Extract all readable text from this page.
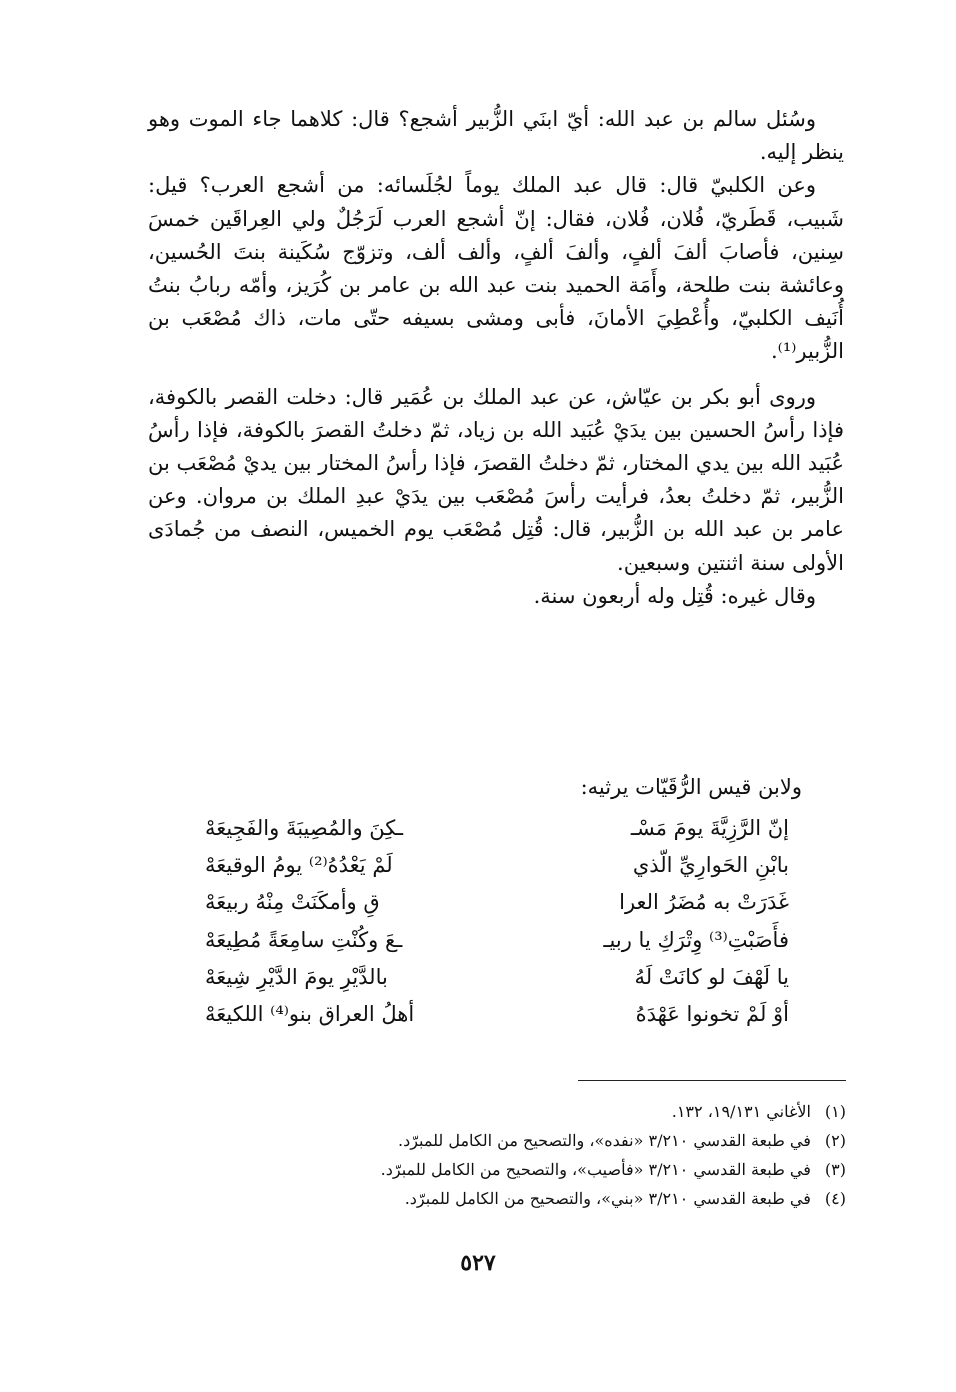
وسُئل سالم بن عبد الله: أيّ ابنَي الزُّبير أشجع؟ قال: كلاهما جاء الموت وهو ينظر إليه.

وعن الكلبيّ قال: قال عبد الملك يوماً لجُلَسائه: من أشجع العرب؟ قيل: شَبيب، قَطَريّ، فُلان، فُلان، فقال: إنّ أشجع العرب لَرَجُلٌ ولي العِراقَين خمسَ سِنين، فأصابَ ألفَ ألفٍ، وألفَ ألفٍ، وألف ألف، وتزوّج سُكَينة بنتَ الحُسين، وعائشة بنت طلحة، وأَمَة الحميد بنت عبد الله بن عامر بن كُرَيز، وأمّه ربابُ بنتُ أُنَيف الكلبيّ، وأُعْطِيَ الأمانَ، فأبى ومشى بسيفه حتّى مات، ذاك مُصْعَب بن الزُّبير⁽¹⁾.

وروى أبو بكر بن عيّاش، عن عبد الملك بن عُمَير قال: دخلت القصر بالكوفة، فإذا رأسُ الحسين بين يدَيْ عُبَيد الله بن زياد، ثمّ دخلتُ القصرَ بالكوفة، فإذا رأسُ عُبَيد الله بين يدي المختار، ثمّ دخلتُ القصرَ، فإذا رأسُ المختار بين يديْ مُصْعَب بن الزُّبير، ثمّ دخلتُ بعدُ، فرأيت رأسَ مُصْعَب بين يدَيْ عبدِ الملك بن مروان. وعن عامر بن عبد الله بن الزُّبير، قال: قُتِل مُصْعَب يوم الخميس، النصف من جُمادَى الأولى سنة اثنتين وسبعين.

وقال غيره: قُتِل وله أربعون سنة.

ولابن قيس الرُّقَيّات يرثيه:
إنّ الرَّزِيَّةَ يومَ مَسْـ
ـكِنَ والمُصِيبَةَ والفَجِيعَهْ
بابْنِ الحَوارِيِّ الّذي
لَمْ يَعْدُهُ⁽²⁾ يومُ الوقيعَهْ
غَدَرَتْ به مُضَرُ العرا
قِ وأمكَنَتْ مِنْهُ ربيعَهْ
فأَصَبْتِ⁽³⁾ وِتْرَكِ يا ربيـ
ـعَ وكُنْتِ سامِعَةً مُطِيعَهْ
يا لَهْفَ لو كانَتْ لَهُ
بالدَّيْرِ يومَ الدَّيْرِ شِيعَهْ
أوْ لَمْ تخونوا عَهْدَهُ
أهلُ العراق بنو⁽⁴⁾ اللكيعَهْ
(١) الأغاني ١٩/١٣١، ١٣٢.
(٢) في طبعة القدسي ٣/٢١٠ «نفده»، والتصحيح من الكامل للمبرّد.
(٣) في طبعة القدسي ٣/٢١٠ «فأصيب»، والتصحيح من الكامل للمبرّد.
(٤) في طبعة القدسي ٣/٢١٠ «بني»، والتصحيح من الكامل للمبرّد.
٥٢٧
